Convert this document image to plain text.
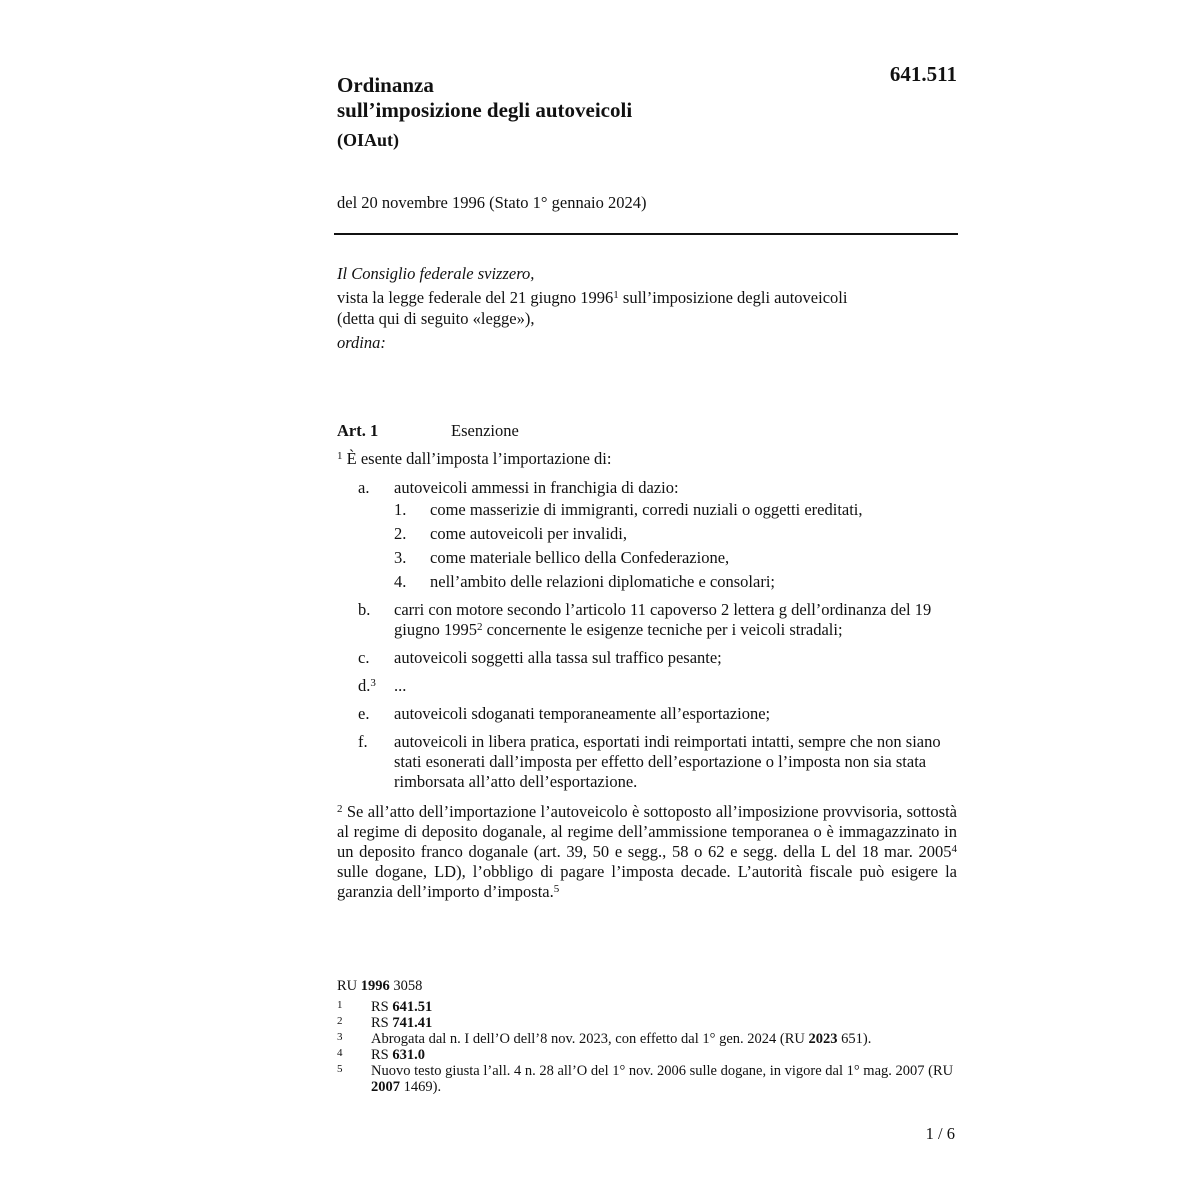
641.511
Ordinanza
sull’imposizione degli autoveicoli
(OIAut)
del 20 novembre 1996 (Stato 1° gennaio 2024)
Il Consiglio federale svizzero,
vista la legge federale del 21 giugno 1996$^1$ sull’imposizione degli autoveicoli
(detta qui di seguito «legge»),
ordina:
Art. 1	Esenzione

$^1$ È esente dall’imposta l’importazione di:

a. autoveicoli ammessi in franchigia di dazio:
1. come masserizie di immigranti, corredi nuziali o oggetti ereditati,
2. come autoveicoli per invalidi,
3. come materiale bellico della Confederazione,
4. nell’ambito delle relazioni diplomatiche e consolari;
b. carri con motore secondo l’articolo 11 capoverso 2 lettera g dell’ordinanza del 19 giugno 1995$^2$ concernente le esigenze tecniche per i veicoli stradali;
c. autoveicoli soggetti alla tassa sul traffico pesante;
d.$^3$ ...
e. autoveicoli sdoganati temporaneamente all’esportazione;
f. autoveicoli in libera pratica, esportati indi reimportati intatti, sempre che non siano stati esonerati dall’imposta per effetto dell’esportazione o l’imposta non sia stata rimborsata all’atto dell’esportazione.

$^2$ Se all’atto dell’importazione l’autoveicolo è sottoposto all’imposizione provvisoria, sottostà al regime di deposito doganale, al regime dell’ammissione temporanea o è immagazzinato in un deposito franco doganale (art. 39, 50 e segg., 58 o 62 e segg. della L del 18 mar. 2005$^4$ sulle dogane, LD), l’obbligo di pagare l’imposta decade. L’autorità fiscale può esigere la garanzia dell’importo d’imposta.$^5$

RU 1996 3058
1 RS 641.51
2 RS 741.41
3 Abrogata dal n. I dell’O dell’8 nov. 2023, con effetto dal 1° gen. 2024 (RU 2023 651).
4 RS 631.0
5 Nuovo testo giusta l’all. 4 n. 28 all’O del 1° nov. 2006 sulle dogane, in vigore dal 1° mag. 2007 (RU 2007 1469).
1 / 6
